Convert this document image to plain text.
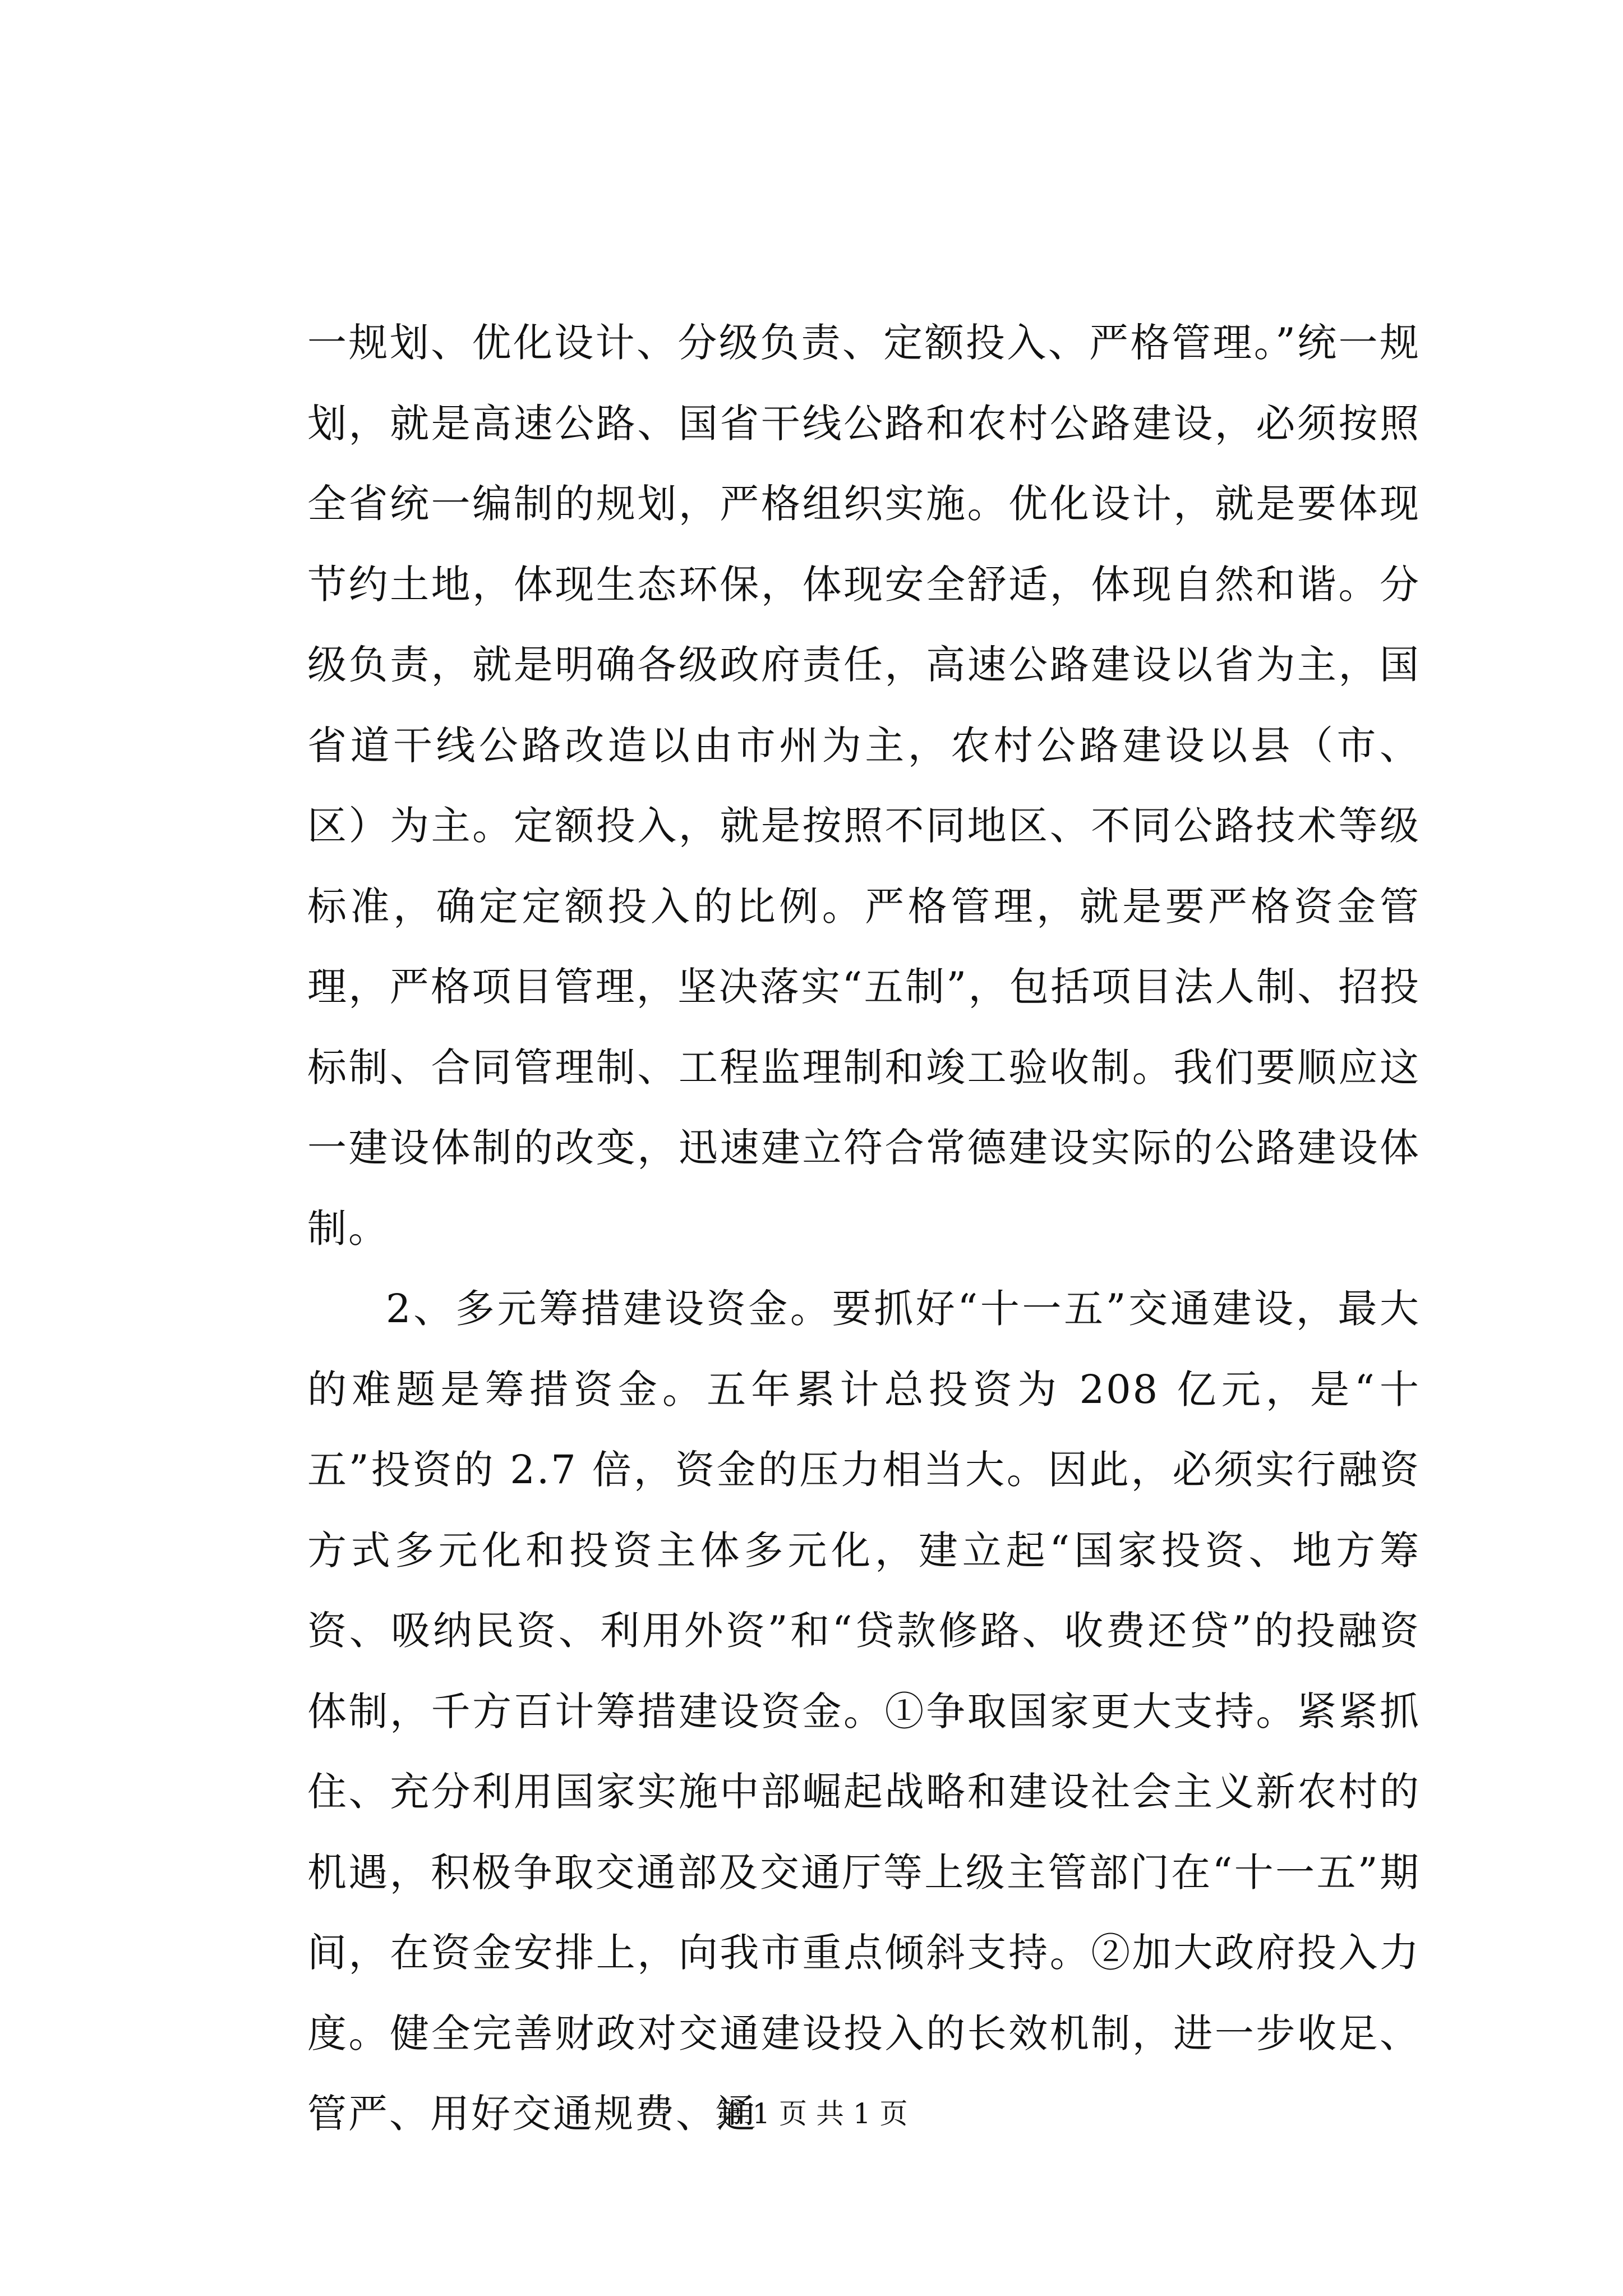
一规划、优化设计、分级负责、定额投入、严格管理。”统一规划，就是高速公路、国省干线公路和农村公路建设，必须按照全省统一编制的规划，严格组织实施。优化设计，就是要体现节约土地，体现生态环保，体现安全舒适，体现自然和谐。分级负责，就是明确各级政府责任，高速公路建设以省为主，国省道干线公路改造以由市州为主，农村公路建设以县（市、区）为主。定额投入，就是按照不同地区、不同公路技术等级标准，确定定额投入的比例。严格管理，就是要严格资金管理，严格项目管理，坚决落实“五制”，包括项目法人制、招投标制、合同管理制、工程监理制和竣工验收制。我们要顺应这一建设体制的改变，迅速建立符合常德建设实际的公路建设体制。

2、多元筹措建设资金。要抓好“十一五”交通建设，最大的难题是筹措资金。五年累计总投资为 208 亿元，是“十五”投资的 2.7 倍，资金的压力相当大。因此，必须实行融资方式多元化和投资主体多元化，建立起“国家投资、地方筹资、吸纳民资、利用外资”和“贷款修路、收费还贷”的投融资体制，千方百计筹措建设资金。①争取国家更大支持。紧紧抓住、充分利用国家实施中部崛起战略和建设社会主义新农村的机遇，积极争取交通部及交通厅等上级主管部门在“十一五”期间，在资金安排上，向我市重点倾斜支持。②加大政府投入力度。健全完善财政对交通建设投入的长效机制，进一步收足、管严、用好交通规费、通

第 1 页 共 1 页
